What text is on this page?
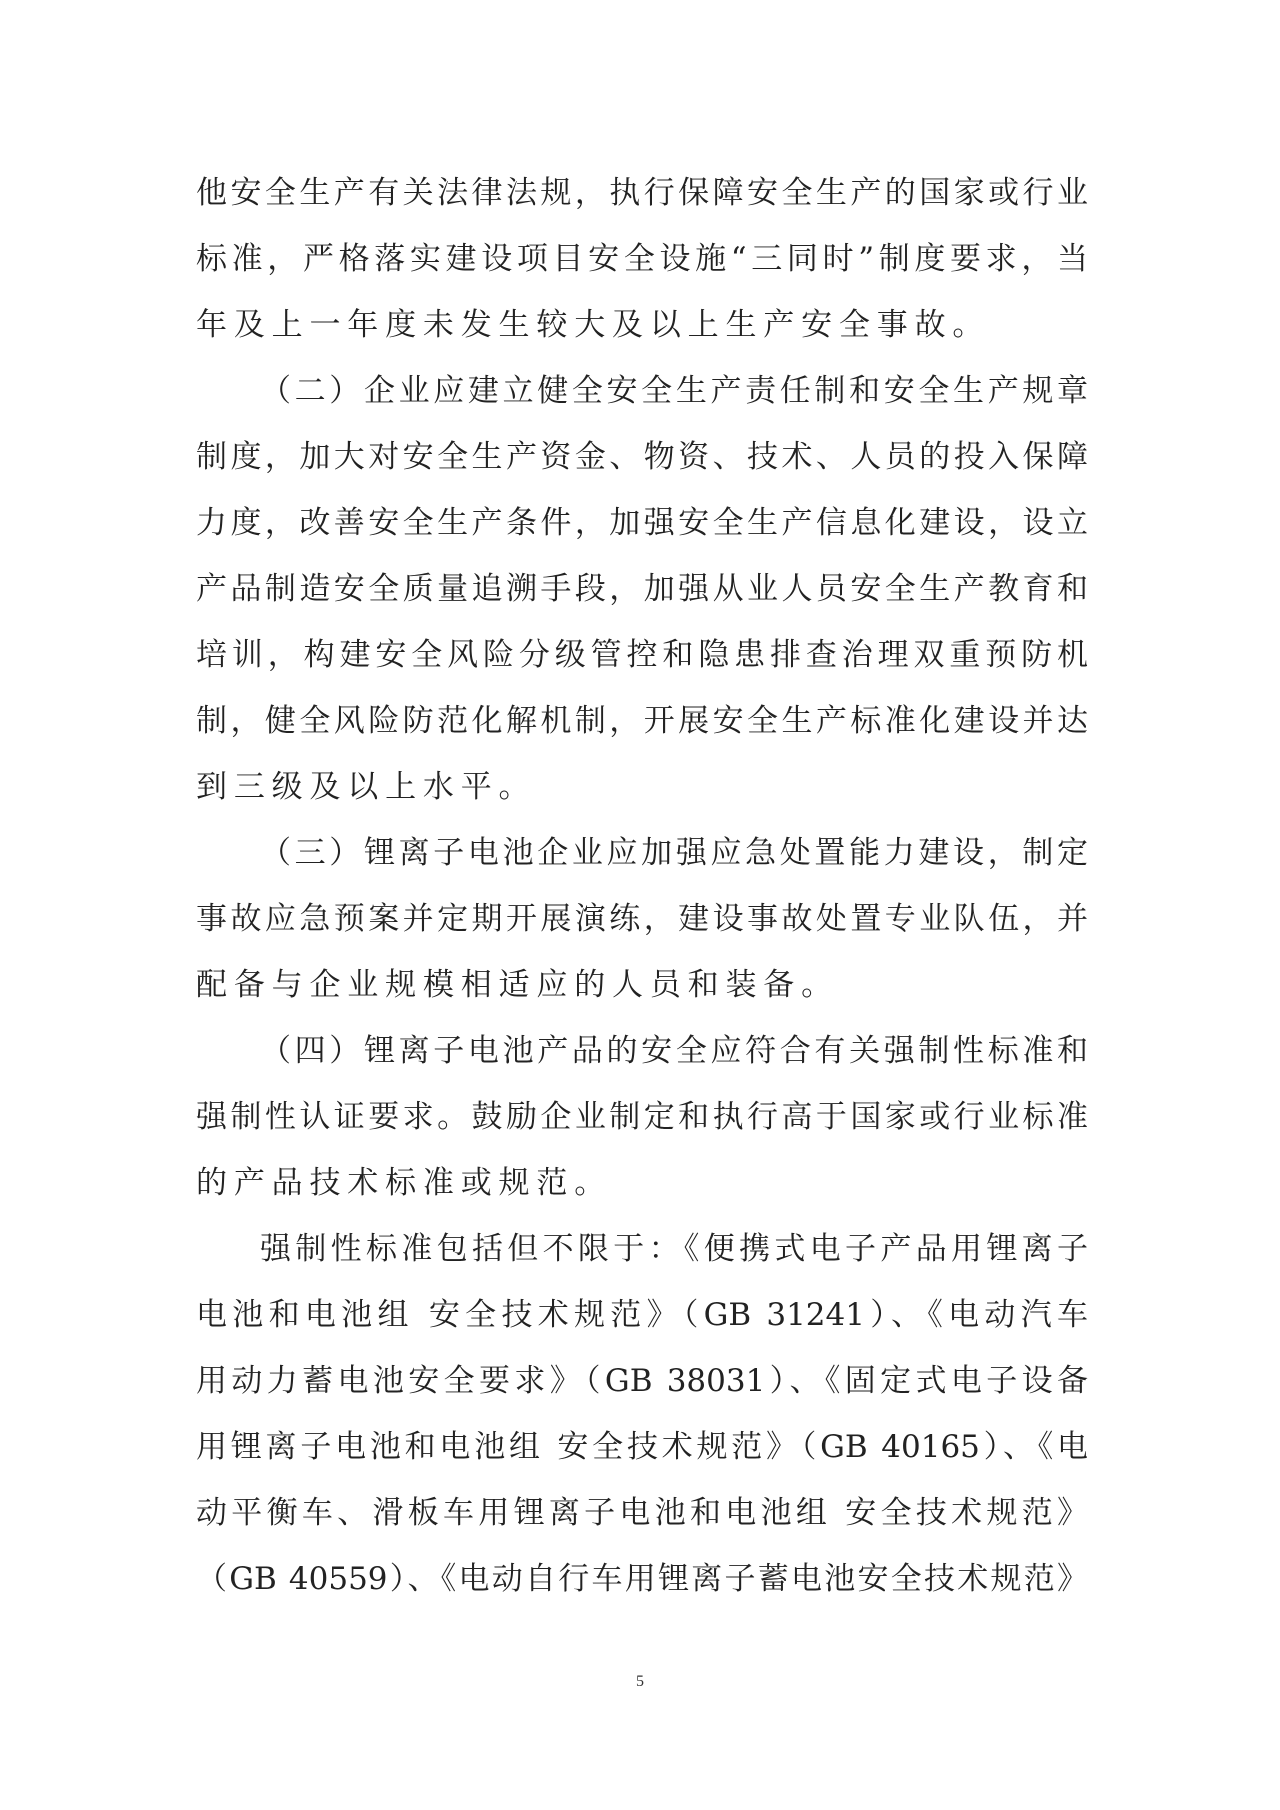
他安全生产有关法律法规，执行保障安全生产的国家或行业
标准，严格落实建设项目安全设施“三同时”制度要求，当
年及上一年度未发生较大及以上生产安全事故。
（二）企业应建立健全安全生产责任制和安全生产规章
制度，加大对安全生产资金、物资、技术、人员的投入保障
力度，改善安全生产条件，加强安全生产信息化建设，设立
产品制造安全质量追溯手段，加强从业人员安全生产教育和
培训，构建安全风险分级管控和隐患排查治理双重预防机
制，健全风险防范化解机制，开展安全生产标准化建设并达
到三级及以上水平。
（三）锂离子电池企业应加强应急处置能力建设，制定
事故应急预案并定期开展演练，建设事故处置专业队伍，并
配备与企业规模相适应的人员和装备。
（四）锂离子电池产品的安全应符合有关强制性标准和
强制性认证要求。鼓励企业制定和执行高于国家或行业标准
的产品技术标准或规范。
强制性标准包括但不限于：《便携式电子产品用锂离子
电池和电池组 安全技术规范》（GB 31241）、《电动汽车
用动力蓄电池安全要求》（GB 38031）、《固定式电子设备
用锂离子电池和电池组 安全技术规范》（GB 40165）、《电
动平衡车、滑板车用锂离子电池和电池组 安全技术规范》
（GB 40559）、《电动自行车用锂离子蓄电池安全技术规范》
5
